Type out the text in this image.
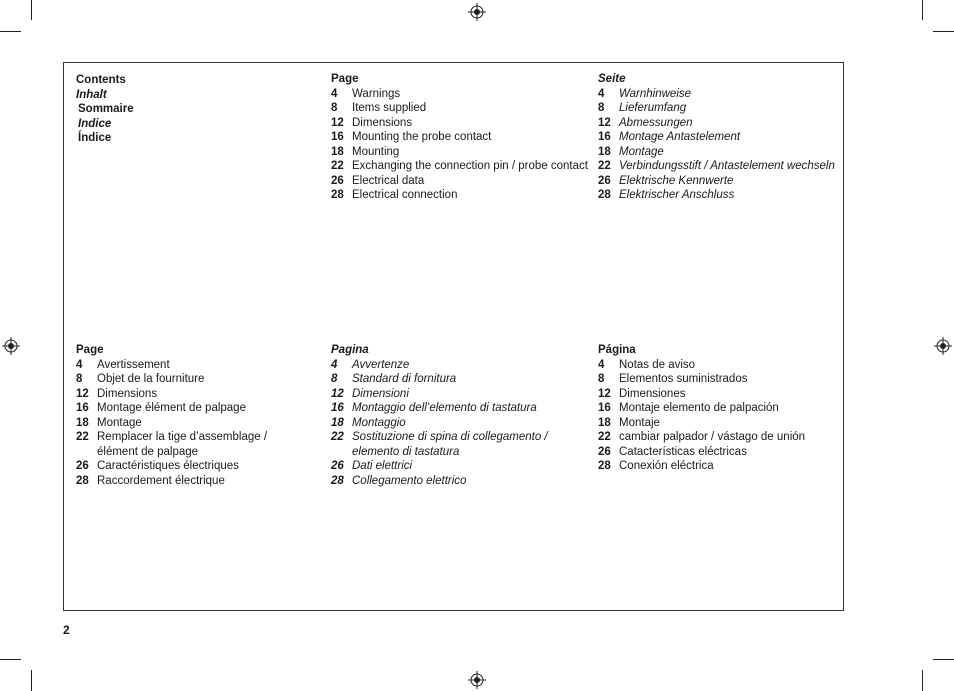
Contents
Inhalt
Sommaire
Indice
Índice
Page
4	Warnings
8	Items supplied
12 Dimensions
16 Mounting the probe contact
18 Mounting
22 Exchanging the connection pin / probe contact
26 Electrical data
28 Electrical connection
Seite
4	Warnhinweise
8	Lieferumfang
12 Abmessungen
16 Montage Antastelement
18 Montage
22 Verbindungsstift / Antastelement wechseln
26 Elektrische Kennwerte
28 Elektrischer Anschluss
Page
4	Avertissement
8	Objet de la fourniture
12 Dimensions
16 Montage élément de palpage
18 Montage
22 Remplacer la tige d’assemblage / élément de palpage
26 Caractéristiques électriques
28 Raccordement électrique
Pagina
4	Avvertenze
8	Standard di fornitura
12 Dimensioni
16 Montaggio dell’elemento di tastatura
18 Montaggio
22 Sostituzione di spina di collegamento / elemento di tastatura
26 Dati elettrici
28 Collegamento elettrico
Página
4	Notas de aviso
8	Elementos suministrados
12 Dimensiones
16 Montaje elemento de palpación
18 Montaje
22 cambiar palpador / vástago de unión
26 Catacterísticas eléctricas
28 Conexión eléctrica
2
